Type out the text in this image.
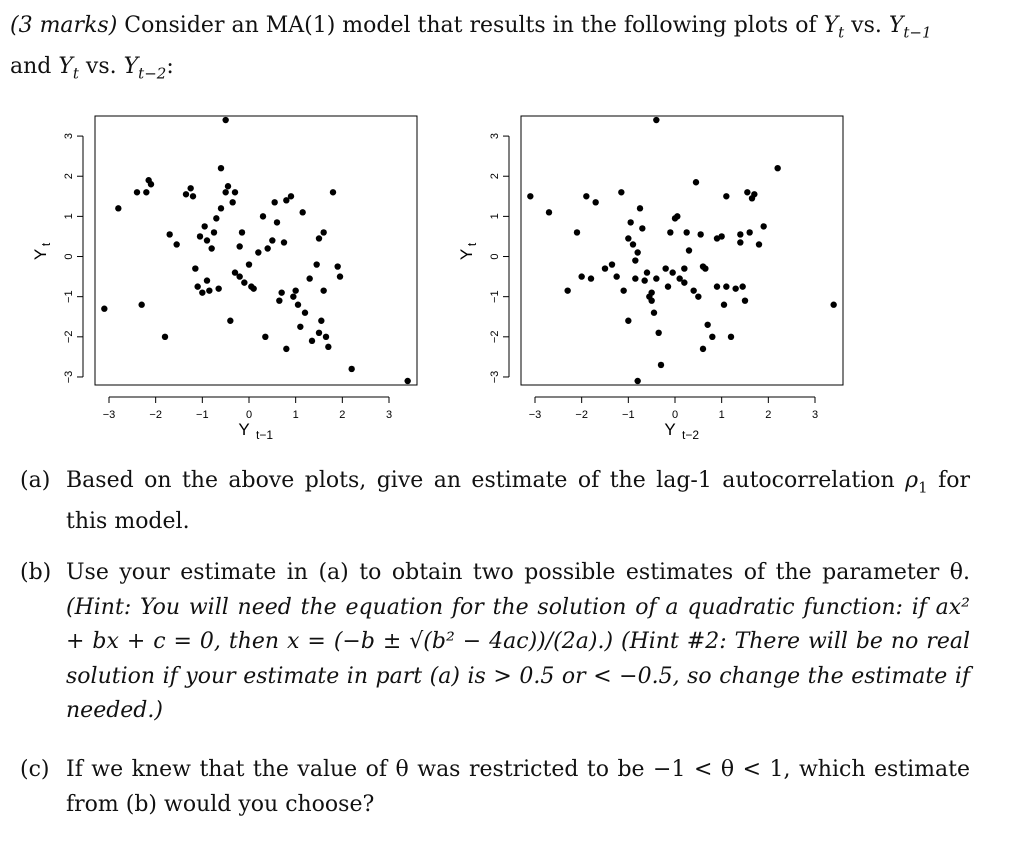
(3 marks) Consider an MA(1) model that results in the following plots of $Y_t$ vs. $Y_{t-1}$
and $Y_t$ vs. $Y_{t-2}$:
−3	−2	−1	0	1	2	3
−3
−2
−1
0
1
2
3
Y t−1
Y
t
−3	−2	−1	0	1	2	3
−3
−2
−1
0
1
2
3
Y t−2
Y
t
(a) Based on the above plots, give an estimate of the lag-1 autocorrelation $\rho_1$ for this model.
(b) Use your estimate in (a) to obtain two possible estimates of the parameter θ. (Hint: You will need the equation for the solution of a quadratic function: if ax² + bx + c = 0, then x = (−b ± √(b² − 4ac))/(2a).) (Hint #2: There will be no real solution if your estimate in part (a) is > 0.5 or < −0.5, so change the estimate if needed.)
(c) If we knew that the value of θ was restricted to be −1 < θ < 1, which estimate from (b) would you choose?
